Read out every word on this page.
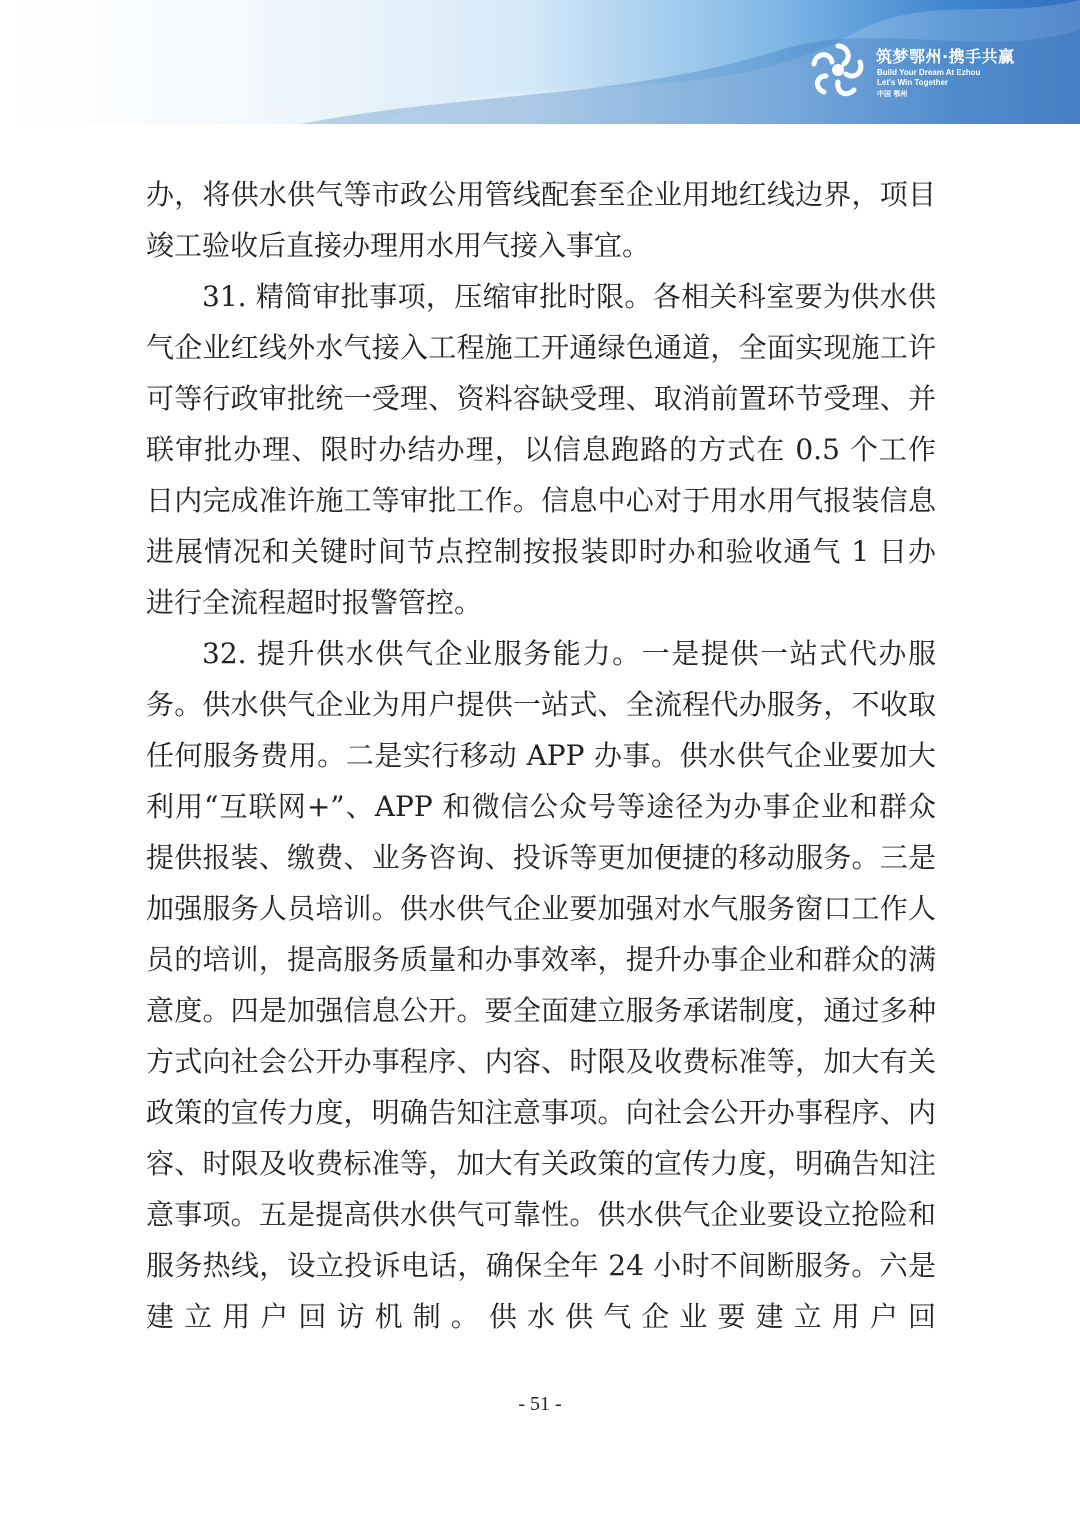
筑梦鄂州·携手共赢
Build Your Dream At Ezhou
Let's Win Together
中国 鄂州

办，将供水供气等市政公用管线配套至企业用地红线边界，项目竣工验收后直接办理用水用气接入事宜。

31. 精简审批事项，压缩审批时限。各相关科室要为供水供气企业红线外水气接入工程施工开通绿色通道，全面实现施工许可等行政审批统一受理、资料容缺受理、取消前置环节受理、并联审批办理、限时办结办理，以信息跑路的方式在 0.5 个工作日内完成准许施工等审批工作。信息中心对于用水用气报装信息进展情况和关键时间节点控制按报装即时办和验收通气 1 日办进行全流程超时报警管控。

32. 提升供水供气企业服务能力。一是提供一站式代办服务。供水供气企业为用户提供一站式、全流程代办服务，不收取任何服务费用。二是实行移动 APP 办事。供水供气企业要加大利用“互联网+”、APP 和微信公众号等途径为办事企业和群众提供报装、缴费、业务咨询、投诉等更加便捷的移动服务。三是加强服务人员培训。供水供气企业要加强对水气服务窗口工作人员的培训，提高服务质量和办事效率，提升办事企业和群众的满意度。四是加强信息公开。要全面建立服务承诺制度，通过多种方式向社会公开办事程序、内容、时限及收费标准等，加大有关政策的宣传力度，明确告知注意事项。向社会公开办事程序、内容、时限及收费标准等，加大有关政策的宣传力度，明确告知注意事项。五是提高供水供气可靠性。供水供气企业要设立抢险和服务热线，设立投诉电话，确保全年 24 小时不间断服务。六是建立用户回访机制。供水供气企业要建立用户回

- 51 -
